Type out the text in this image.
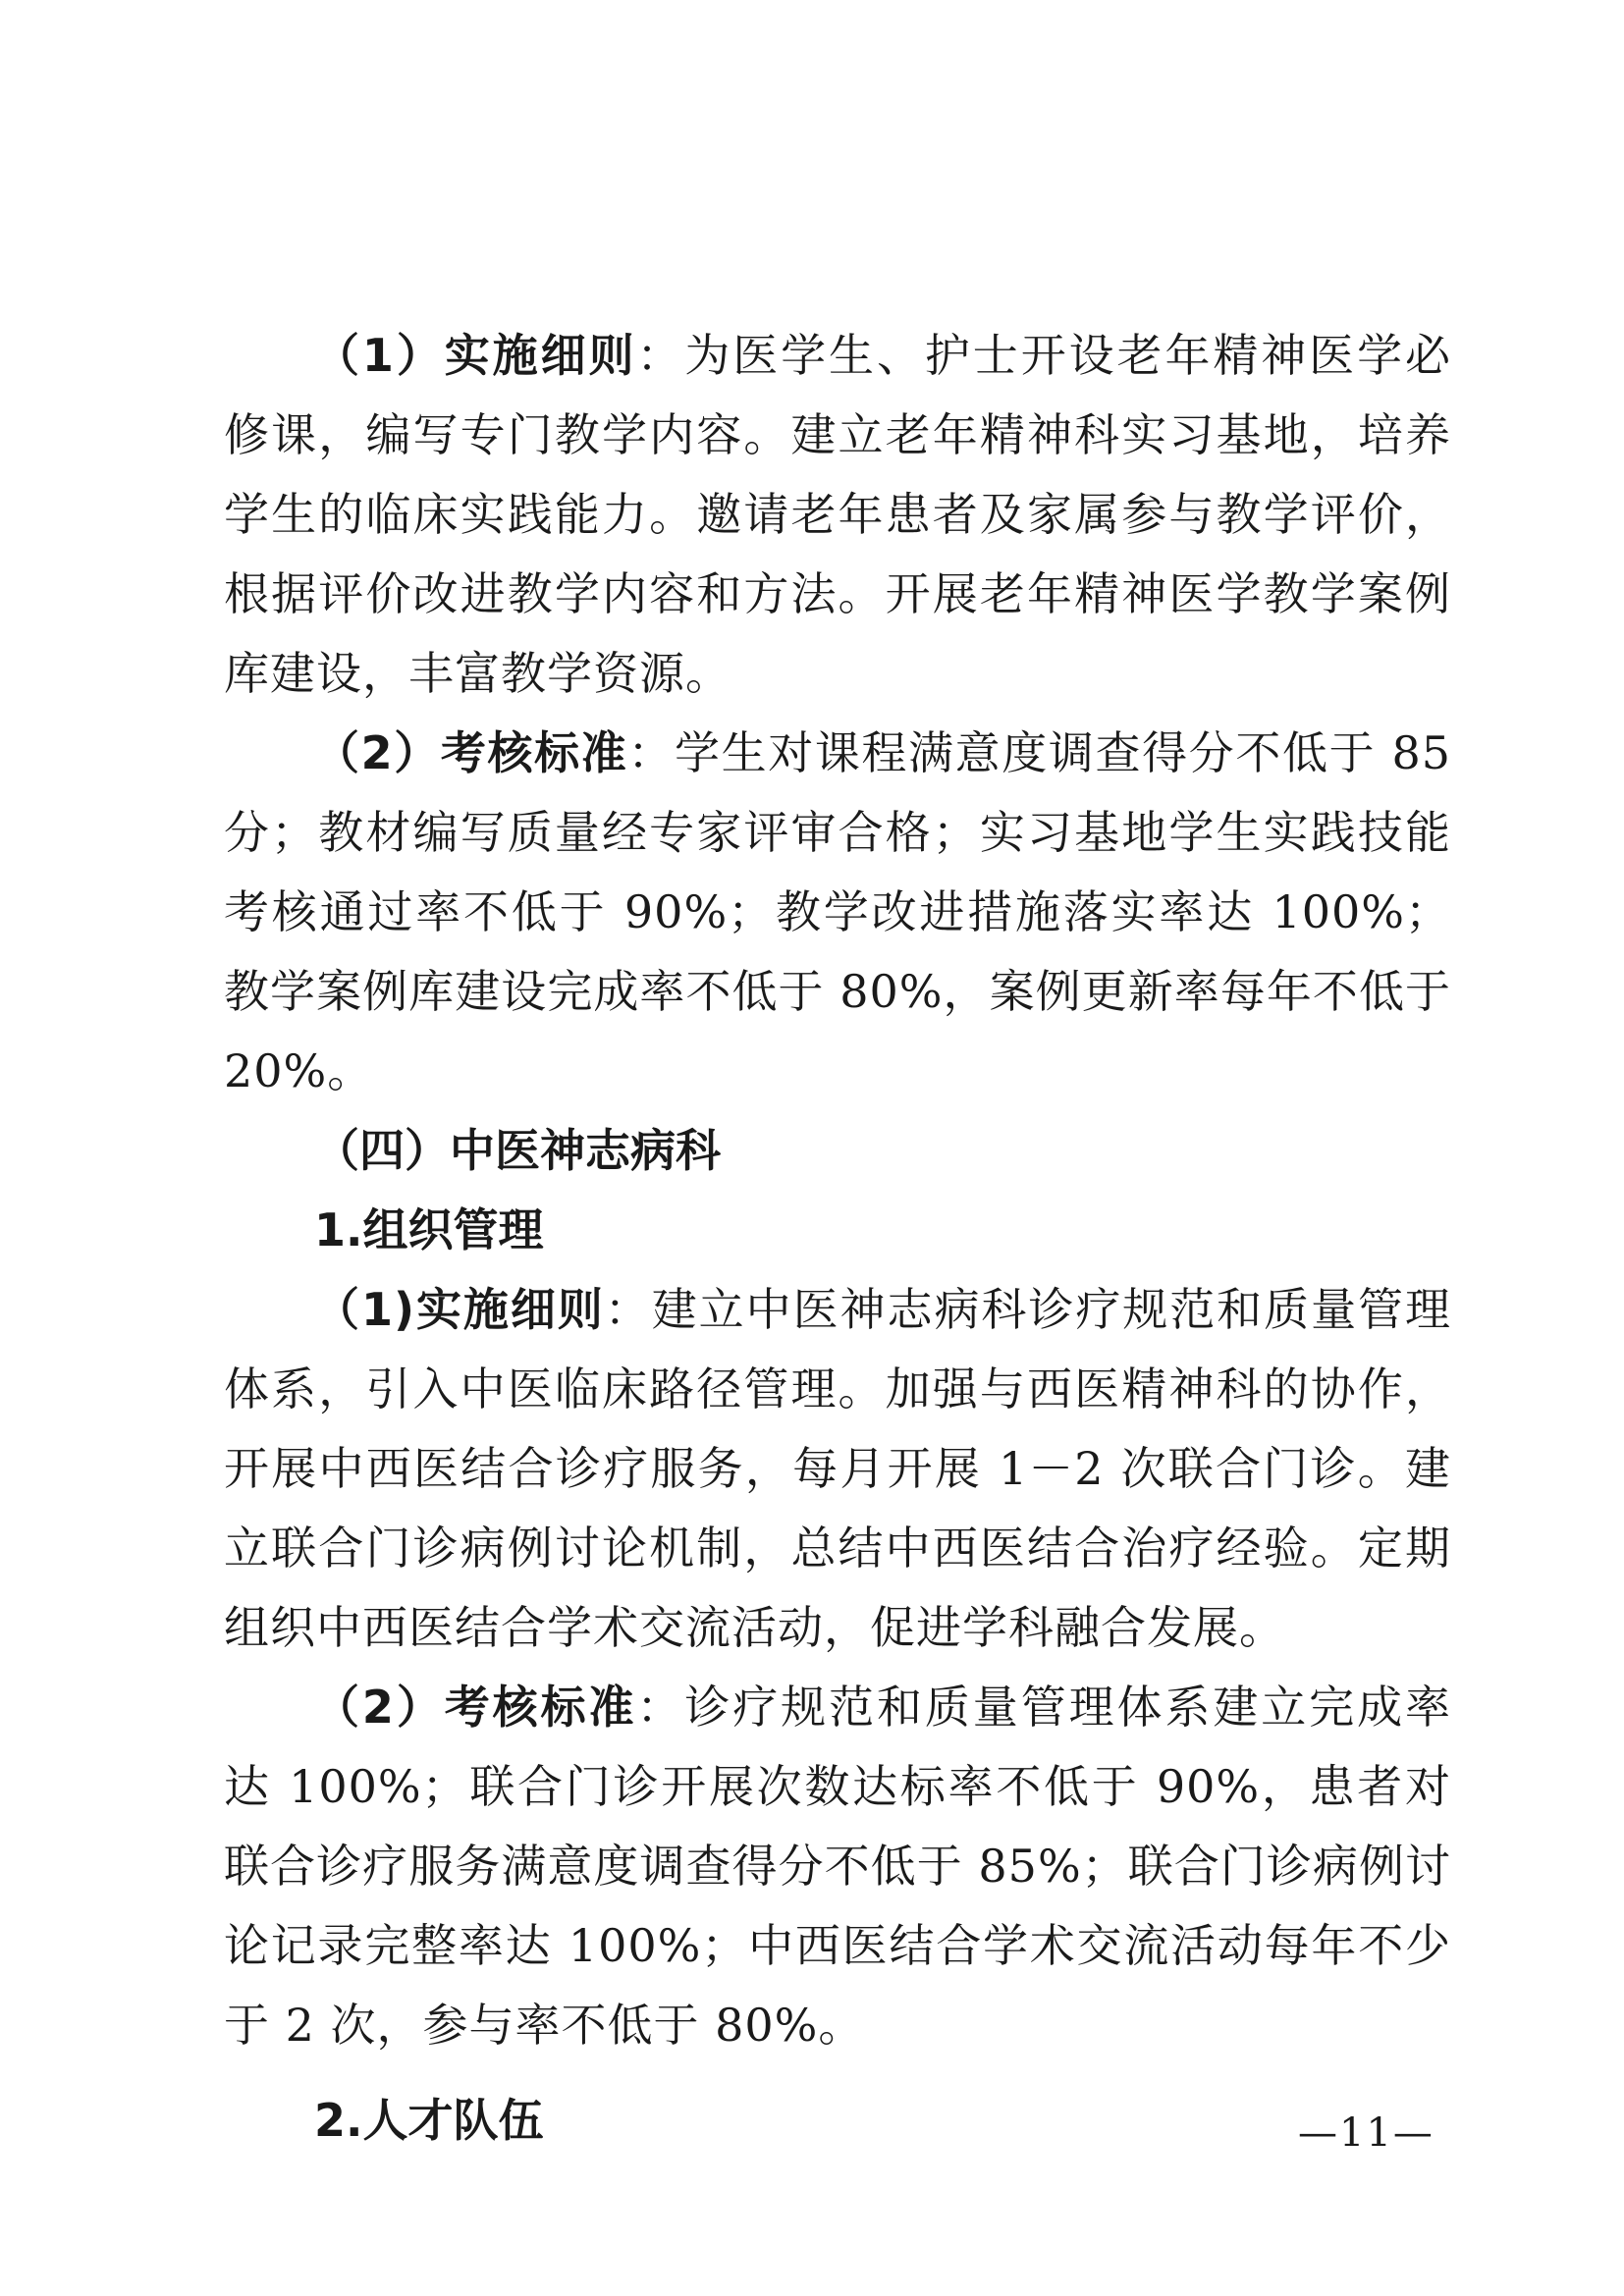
（1）实施细则：为医学生、护士开设老年精神医学必修课，编写专门教学内容。建立老年精神科实习基地，培养学生的临床实践能力。邀请老年患者及家属参与教学评价，根据评价改进教学内容和方法。开展老年精神医学教学案例库建设，丰富教学资源。

（2）考核标准：学生对课程满意度调查得分不低于 85 分；教材编写质量经专家评审合格；实习基地学生实践技能考核通过率不低于 90%；教学改进措施落实率达 100%；教学案例库建设完成率不低于 80%，案例更新率每年不低于 20%。

（四）中医神志病科

1.组织管理

（1)实施细则：建立中医神志病科诊疗规范和质量管理体系，引入中医临床路径管理。加强与西医精神科的协作，开展中西医结合诊疗服务，每月开展 1－2 次联合门诊。建立联合门诊病例讨论机制，总结中西医结合治疗经验。定期组织中西医结合学术交流活动，促进学科融合发展。

（2）考核标准：诊疗规范和质量管理体系建立完成率达 100%；联合门诊开展次数达标率不低于 90%，患者对联合诊疗服务满意度调查得分不低于 85%；联合门诊病例讨论记录完整率达 100%；中西医结合学术交流活动每年不少于 2 次，参与率不低于 80%。

2.人才队伍	—11—
